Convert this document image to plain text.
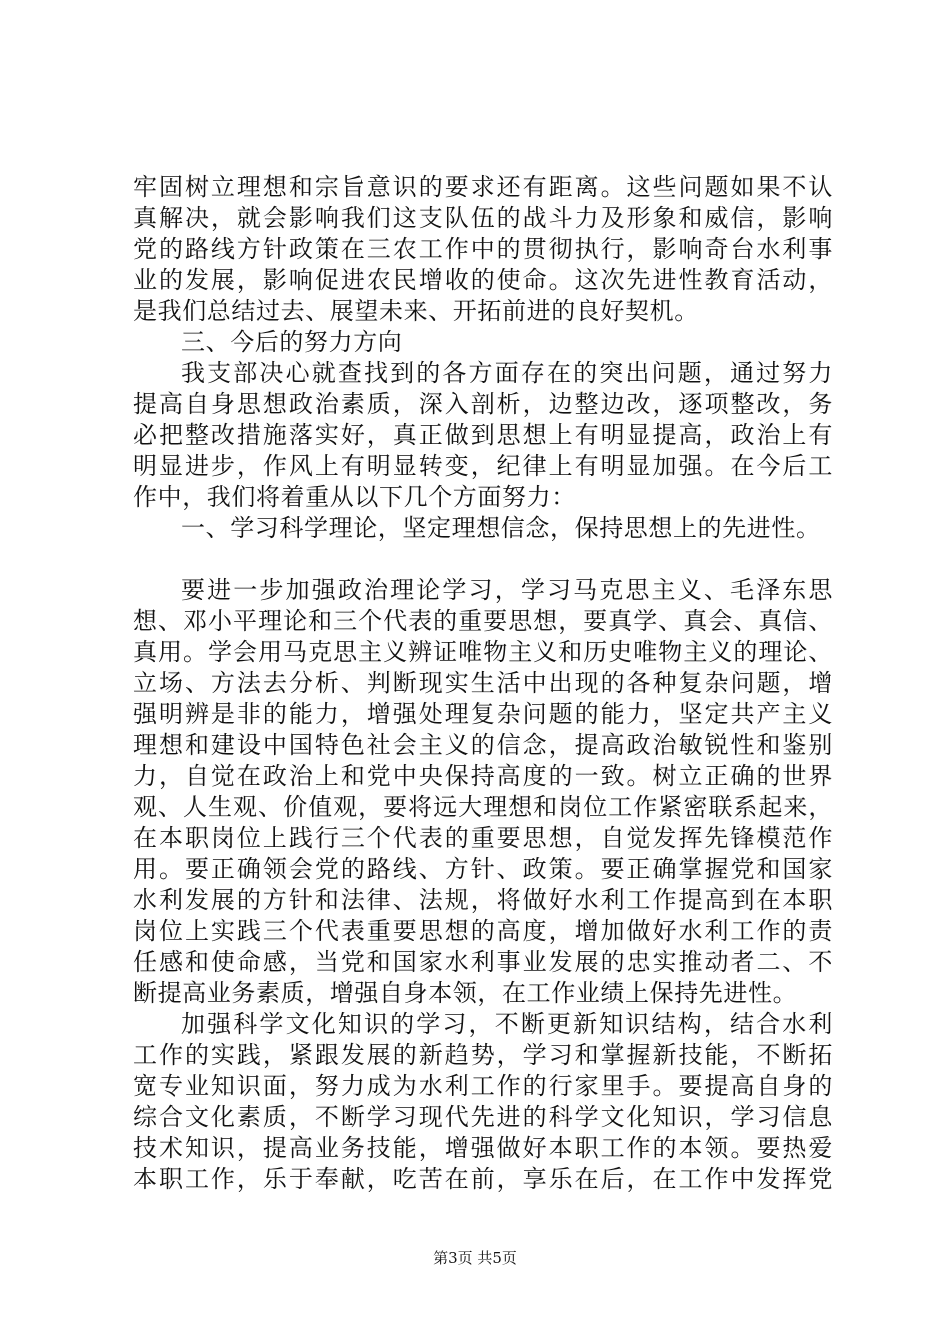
牢固树立理想和宗旨意识的要求还有距离。这些问题如果不认
真解决，就会影响我们这支队伍的战斗力及形象和威信，影响
党的路线方针政策在三农工作中的贯彻执行，影响奇台水利事
业的发展，影响促进农民增收的使命。这次先进性教育活动，
是我们总结过去、展望未来、开拓前进的良好契机。
三、今后的努力方向
我支部决心就查找到的各方面存在的突出问题，通过努力
提高自身思想政治素质，深入剖析，边整边改，逐项整改，务
必把整改措施落实好，真正做到思想上有明显提高，政治上有
明显进步，作风上有明显转变，纪律上有明显加强。在今后工
作中，我们将着重从以下几个方面努力：
一、学习科学理论，坚定理想信念，保持思想上的先进性。
要进一步加强政治理论学习，学习马克思主义、毛泽东思
想、邓小平理论和三个代表的重要思想，要真学、真会、真信、
真用。学会用马克思主义辨证唯物主义和历史唯物主义的理论、
立场、方法去分析、判断现实生活中出现的各种复杂问题，增
强明辨是非的能力，增强处理复杂问题的能力，坚定共产主义
理想和建设中国特色社会主义的信念，提高政治敏锐性和鉴别
力，自觉在政治上和党中央保持高度的一致。树立正确的世界
观、人生观、价值观，要将远大理想和岗位工作紧密联系起来，
在本职岗位上践行三个代表的重要思想，自觉发挥先锋模范作
用。要正确领会党的路线、方针、政策。要正确掌握党和国家
水利发展的方针和法律、法规，将做好水利工作提高到在本职
岗位上实践三个代表重要思想的高度，增加做好水利工作的责
任感和使命感，当党和国家水利事业发展的忠实推动者二、不
断提高业务素质，增强自身本领，在工作业绩上保持先进性。
加强科学文化知识的学习，不断更新知识结构，结合水利
工作的实践，紧跟发展的新趋势，学习和掌握新技能，不断拓
宽专业知识面，努力成为水利工作的行家里手。要提高自身的
综合文化素质，不断学习现代先进的科学文化知识，学习信息
技术知识，提高业务技能，增强做好本职工作的本领。要热爱
本职工作，乐于奉献，吃苦在前，享乐在后，在工作中发挥党
第3页 共5页
